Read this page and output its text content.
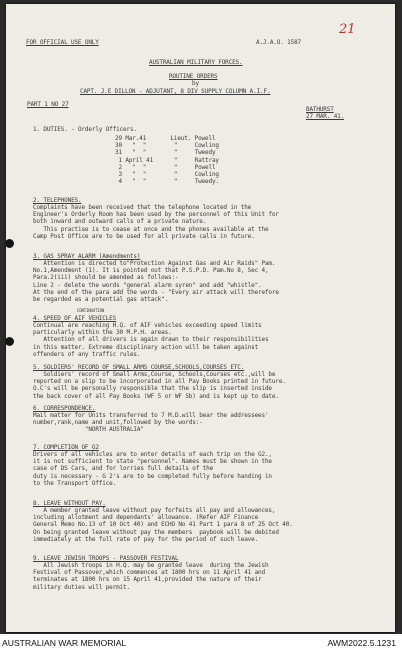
21

FOR OFFICIAL USE ONLY	A.J.A.O. 1587

AUSTRALIAN MILITARY FORCES.

ROUTINE ORDERS

by

CAPT. J.E DILLON - ADJUTANT, 8 DIV SUPPLY COLUMN A.I.F.

PART 1 NO 27

BATHURST

27 MAR. 41.

1. DUTIES. - Orderly Officers.

29 Mar.41       Lieut. Powell
30   "  "        "     Cowling
31   "  "        "     Tweedy
1 April 41      "     Rattray
2   "  "        "     Powell
3   "  "        "     Cowling
4   "  "        "     Tweedy.

2. TELEPHONES.

Complaints have been received that the telephone located in the
Engineer's Orderly Room has been used by the personnel of this Unit for
both inward and outward calls of a private nature.
This practise is to cease at once and the phones available at the
Camp Post Office are to be used for all private calls in future.

3. GAS SPRAY ALARM (Amendments)

Attention is directed to"Protection Against Gas and Air Raids" Pam.
No.1,Amendment (1). It is pointed out that P.S.P.D. Pam.No 8, Sec 4,
Para.2(iii) should be amended as follows:-
Line 2 - delete the words "general alarm syren" and add "whistle".
At the end of the para add the words - "Every air attack will therefore
be regarded as a potential gas attack".

CONTINUATION

4. SPEED OF AIF VEHICLES

Continual are reaching H.Q. of AIF vehicles exceeding speed limits
particularly within the 30 M.P.H. areas.
Attention of all drivers is again drawn to their responsibilities
in this matter. Extreme disciplinary action will be taken against
offenders of any traffic rules.

5. SOLDIERS' RECORD OF SMALL ARMS COURSE,SCHOOLS,COURSES ETC.

Soldiers' record of Small Arms,Course, Schools,Courses etc.,will be
reported on a slip to be incorporated in all Pay Books printed in future.
O.C's will be personally responsible that the slip is inserted inside
the back cover of all Pay Books (WF 5 or WF 5b) and is kept up to date.

6. CORRESPONDENCE.

Mail matter for Units transferred to 7 M.D.will bear the addressees'
number,rank,name and unit,followed by the words:-
"NORTH AUSTRALIA"

7. COMPLETION OF G2

Drivers of all vehicles are to enter details of each trip on the G2.,
it is not sufficient to state "personnel". Names must be shown in the
case of DS Cars, and for lorries full details of the
duty is necessary - G 2's are to be completed fully before handing in
to the Transport Office.

8. LEAVE WITHOUT PAY.

A member granted leave without pay forfeits all pay and allowances,
including allotment and dependants' allowance. (Refer AIF Finance
General Memo No.13 of 10 Oct 40) and ECHO No 41 Part 1 para 8 of 25 Oct 40.
On being granted leave without pay the members  paybook will be debited
immediately at the full rate of pay for the period of such leave.

9. LEAVE JEWISH TROOPS - PASSOVER FESTIVAL

All Jewish troops in H.Q. may be granted leave  during the Jewish
Festival of Passover,which commences at 1800 hrs on 11 April 41 and
terminates at 1800 hrs on 15 April 41,provided the nature of their
military duties will permit.

AUSTRALIAN WAR MEMORIAL	AWM2022.5.1231
